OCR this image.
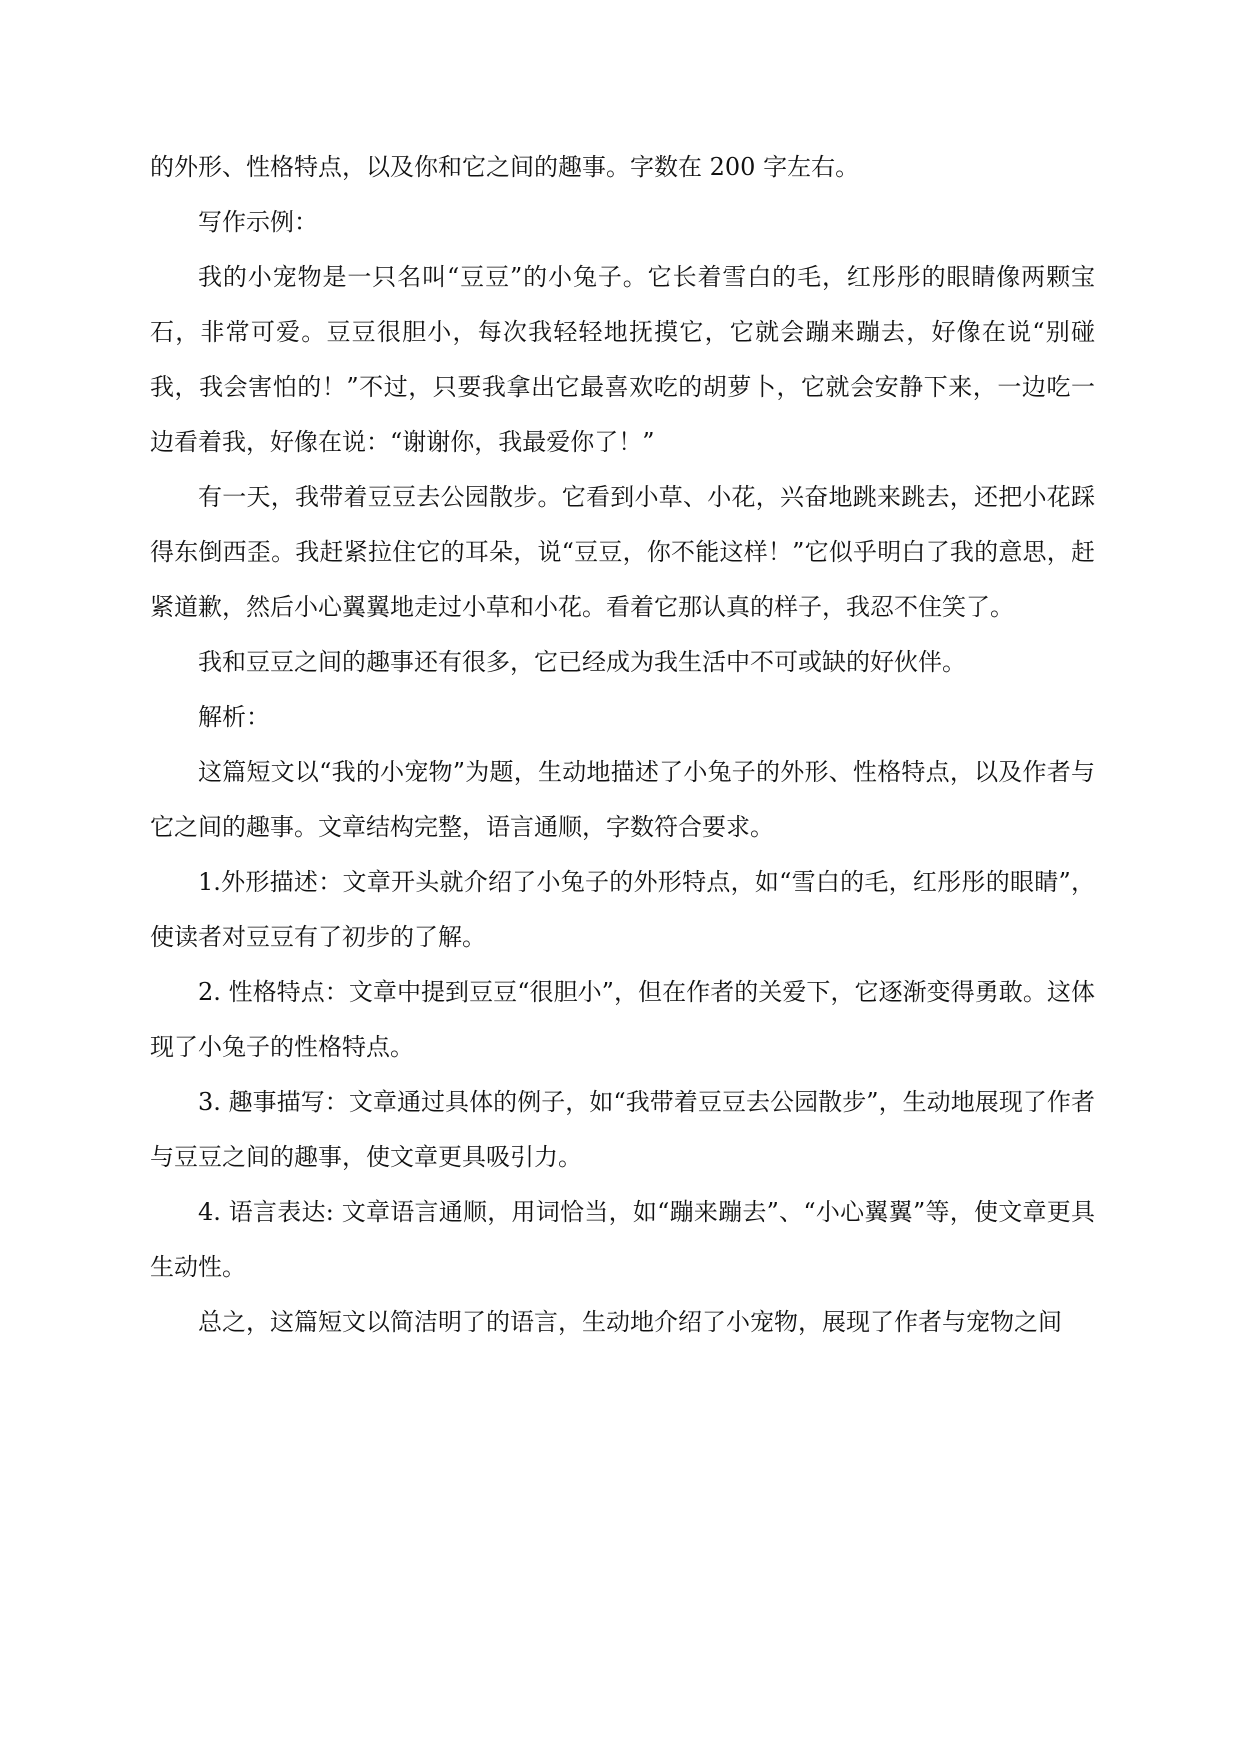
的外形、性格特点，以及你和它之间的趣事。字数在 200 字左右。

写作示例：

我的小宠物是一只名叫“豆豆”的小兔子。它长着雪白的毛，红彤彤的眼睛像两颗宝石，非常可爱。豆豆很胆小，每次我轻轻地抚摸它，它就会蹦来蹦去，好像在说“别碰我，我会害怕的！”不过，只要我拿出它最喜欢吃的胡萝卜，它就会安静下来，一边吃一边看着我，好像在说：“谢谢你，我最爱你了！”

有一天，我带着豆豆去公园散步。它看到小草、小花，兴奋地跳来跳去，还把小花踩得东倒西歪。我赶紧拉住它的耳朵，说“豆豆，你不能这样！”它似乎明白了我的意思，赶紧道歉，然后小心翼翼地走过小草和小花。看着它那认真的样子，我忍不住笑了。

我和豆豆之间的趣事还有很多，它已经成为我生活中不可或缺的好伙伴。

解析：

这篇短文以“我的小宠物”为题，生动地描述了小兔子的外形、性格特点，以及作者与它之间的趣事。文章结构完整，语言通顺，字数符合要求。

1.外形描述：文章开头就介绍了小兔子的外形特点，如“雪白的毛，红彤彤的眼睛”，使读者对豆豆有了初步的了解。

2. 性格特点：文章中提到豆豆“很胆小”，但在作者的关爱下，它逐渐变得勇敢。这体现了小兔子的性格特点。

3. 趣事描写：文章通过具体的例子，如“我带着豆豆去公园散步”，生动地展现了作者与豆豆之间的趣事，使文章更具吸引力。

4. 语言表达: 文章语言通顺，用词恰当，如“蹦来蹦去”、“小心翼翼”等，使文章更具生动性。

总之，这篇短文以简洁明了的语言，生动地介绍了小宠物，展现了作者与宠物之间
